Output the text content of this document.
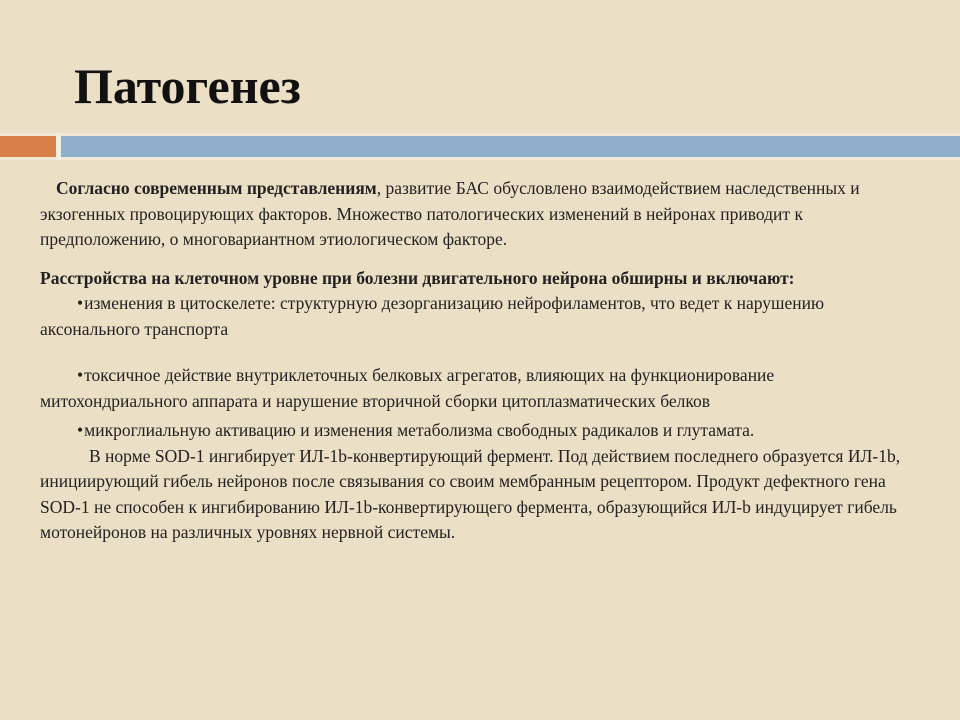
Патогенез

Согласно современным представлениям, развитие БАС обусловлено взаимодействием наследственных и экзогенных провоцирующих факторов. Множество патологических изменений в нейронах приводит к предположению, о многовариантном этиологическом факторе.

Расстройства на клеточном уровне при болезни двигательного нейрона обширны и включают:

•изменения в цитоскелете: структурную дезорганизацию нейрофиламентов, что ведет к нарушению аксонального транспорта

•токсичное действие внутриклеточных белковых агрегатов, влияющих на функционирование митохондриального аппарата и нарушение вторичной сборки цитоплазматических белков

•микроглиальную активацию и изменения метаболизма свободных радикалов и глутамата.

В норме SOD-1 ингибирует ИЛ-1b-конвертирующий фермент. Под действием последнего образуется ИЛ-1b, инициирующий гибель нейронов после связывания со своим мембранным рецептором. Продукт дефектного гена SOD-1 не способен к ингибированию ИЛ-1b-конвертирующего фермента, образующийся ИЛ-b индуцирует гибель мотонейронов на различных уровнях нервной системы.
